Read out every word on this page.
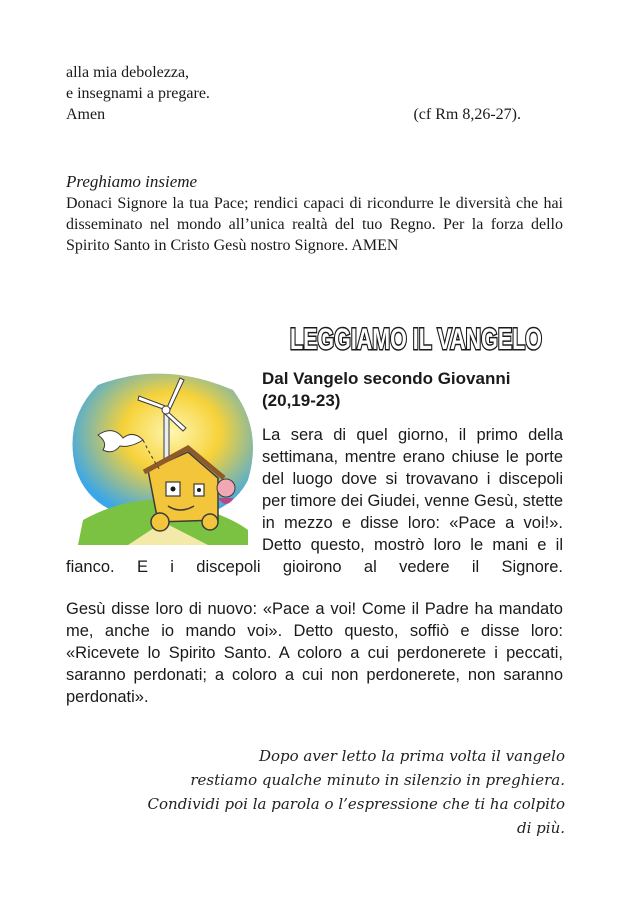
alla mia debolezza,
e insegnami a pregare.
Amen	(cf Rm 8,26-27).
Preghiamo insieme
Donaci Signore la tua Pace; rendici capaci di ricondurre le diversità che hai disseminato nel mondo all’unica realtà del tuo Regno. Per la forza dello Spirito Santo in Cristo Gesù nostro Signore. AMEN
LEGGIAMO IL VANGELO
Dal Vangelo secondo Giovanni
(20,19-23)

La sera di quel giorno, il primo della settimana, mentre erano chiuse le porte del luogo dove si trovavano i discepoli per timore dei Giudei, venne Gesù, stette in mezzo e disse loro: «Pace a voi!». Detto questo, mostrò loro le mani e il fianco. E i discepoli gioirono al vedere il Signore.

Gesù disse loro di nuovo: «Pace a voi! Come il Padre ha mandato me, anche io mando voi». Detto questo, soffiò e disse loro: «Ricevete lo Spirito Santo. A coloro a cui perdonerete i peccati, saranno perdonati; a coloro a cui non perdonerete, non saranno perdonati».

Dopo aver letto la prima volta il vangelo
restiamo qualche minuto in silenzio in preghiera.
Condividi poi la parola o l’espressione che ti ha colpito di più.
